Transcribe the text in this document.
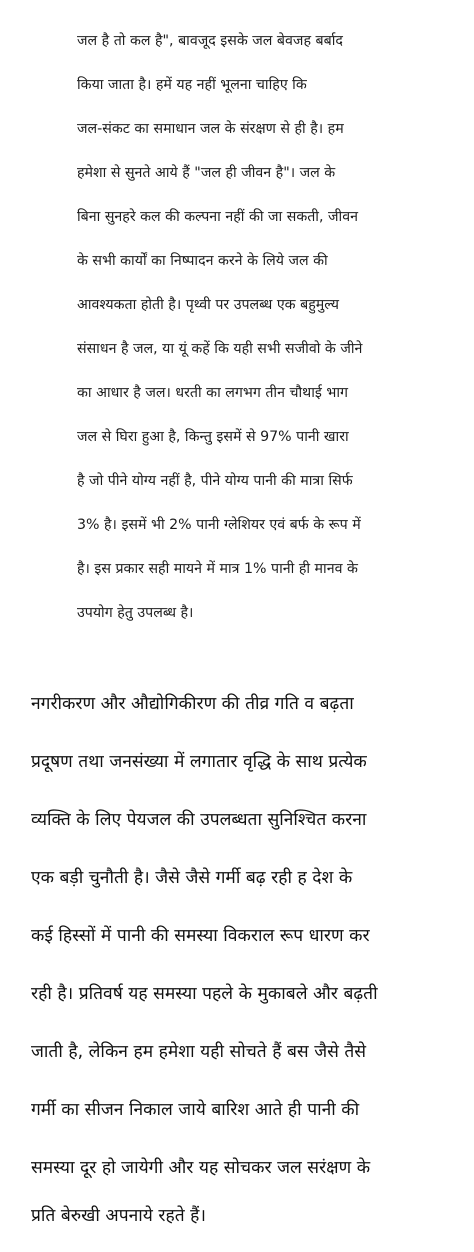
जल है तो कल है", बावजूद इसके जल बेवजह बर्बाद
किया जाता है। हमें यह नहीं भूलना चाहिए कि
जल-संकट का समाधान जल के संरक्षण से ही है। हम
हमेशा से सुनते आये हैं "जल ही जीवन है"। जल के
बिना सुनहरे कल की कल्पना नहीं की जा सकती, जीवन
के सभी कार्यों का निष्पादन करने के लिये जल की
आवश्यकता होती है। पृथ्वी पर उपलब्ध एक बहुमुल्य
संसाधन है जल, या यूं कहें कि यही सभी सजीवो के जीने
का आधार है जल। धरती का लगभग तीन चौथाई भाग
जल से घिरा हुआ है, किन्तु इसमें से 97% पानी खारा
है जो पीने योग्य नहीं है, पीने योग्य पानी की मात्रा सिर्फ
3% है। इसमें भी 2% पानी ग्लेशियर एवं बर्फ के रूप में
है। इस प्रकार सही मायने में मात्र 1% पानी ही मानव के
उपयोग हेतु उपलब्ध है।
नगरीकरण और औद्योगिकीरण की तीव्र गति व बढ़ता
प्रदूषण तथा जनसंख्या में लगातार वृद्धि के साथ प्रत्येक
व्यक्ति के लिए पेयजल की उपलब्धता सुनिश्चित करना
एक बड़ी चुनौती है। जैसे जैसे गर्मी बढ़ रही ह देश के
कई हिस्सों में पानी की समस्या विकराल रूप धारण कर
रही है। प्रतिवर्ष यह समस्या पहले के मुकाबले और बढ़ती
जाती है, लेकिन हम हमेशा यही सोचते हैं बस जैसे तैसे
गर्मी का सीजन निकाल जाये बारिश आते ही पानी की
समस्या दूर हो जायेगी और यह सोचकर जल सरंक्षण के
प्रति बेरुखी अपनाये रहते हैं।
